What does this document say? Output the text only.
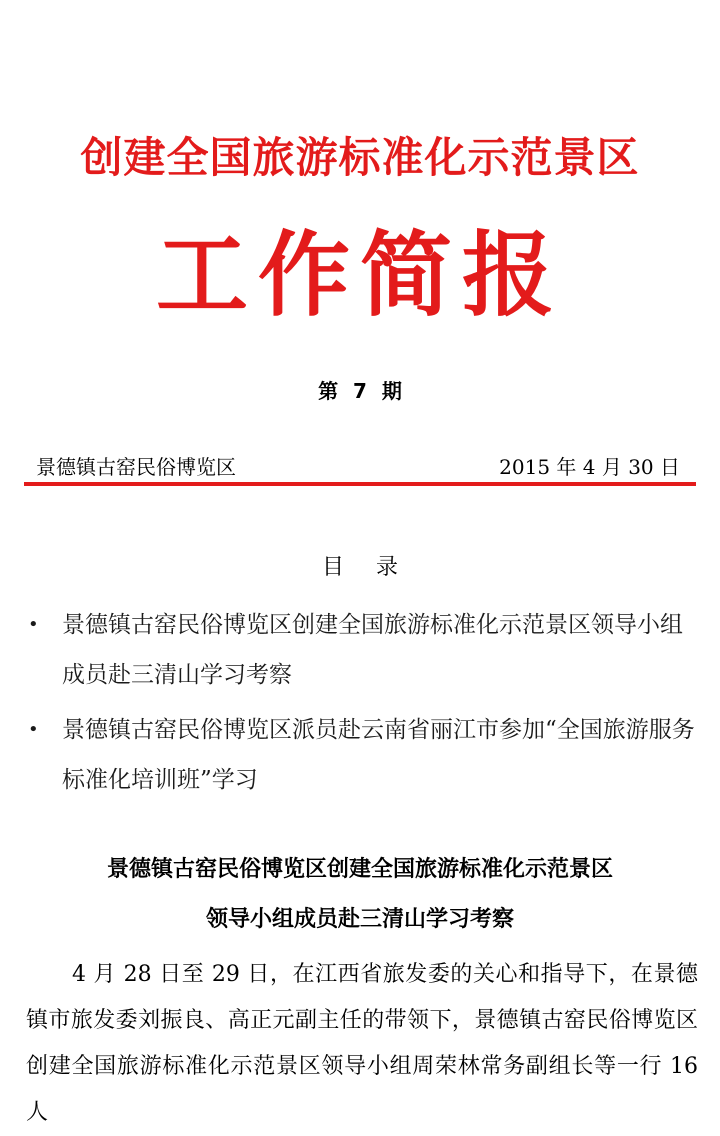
创建全国旅游标准化示范景区
工作简报
第 7 期
景德镇古窑民俗博览区	2015 年 4 月 30 日
目 录
• 景德镇古窑民俗博览区创建全国旅游标准化示范景区领导小组成员赴三清山学习考察
• 景德镇古窑民俗博览区派员赴云南省丽江市参加“全国旅游服务标准化培训班”学习
景德镇古窑民俗博览区创建全国旅游标准化示范景区
领导小组成员赴三清山学习考察

4 月 28 日至 29 日，在江西省旅发委的关心和指导下，在景德镇市旅发委刘振良、高正元副主任的带领下，景德镇古窑民俗博览区创建全国旅游标准化示范景区领导小组周荣林常务副组长等一行 16 人
